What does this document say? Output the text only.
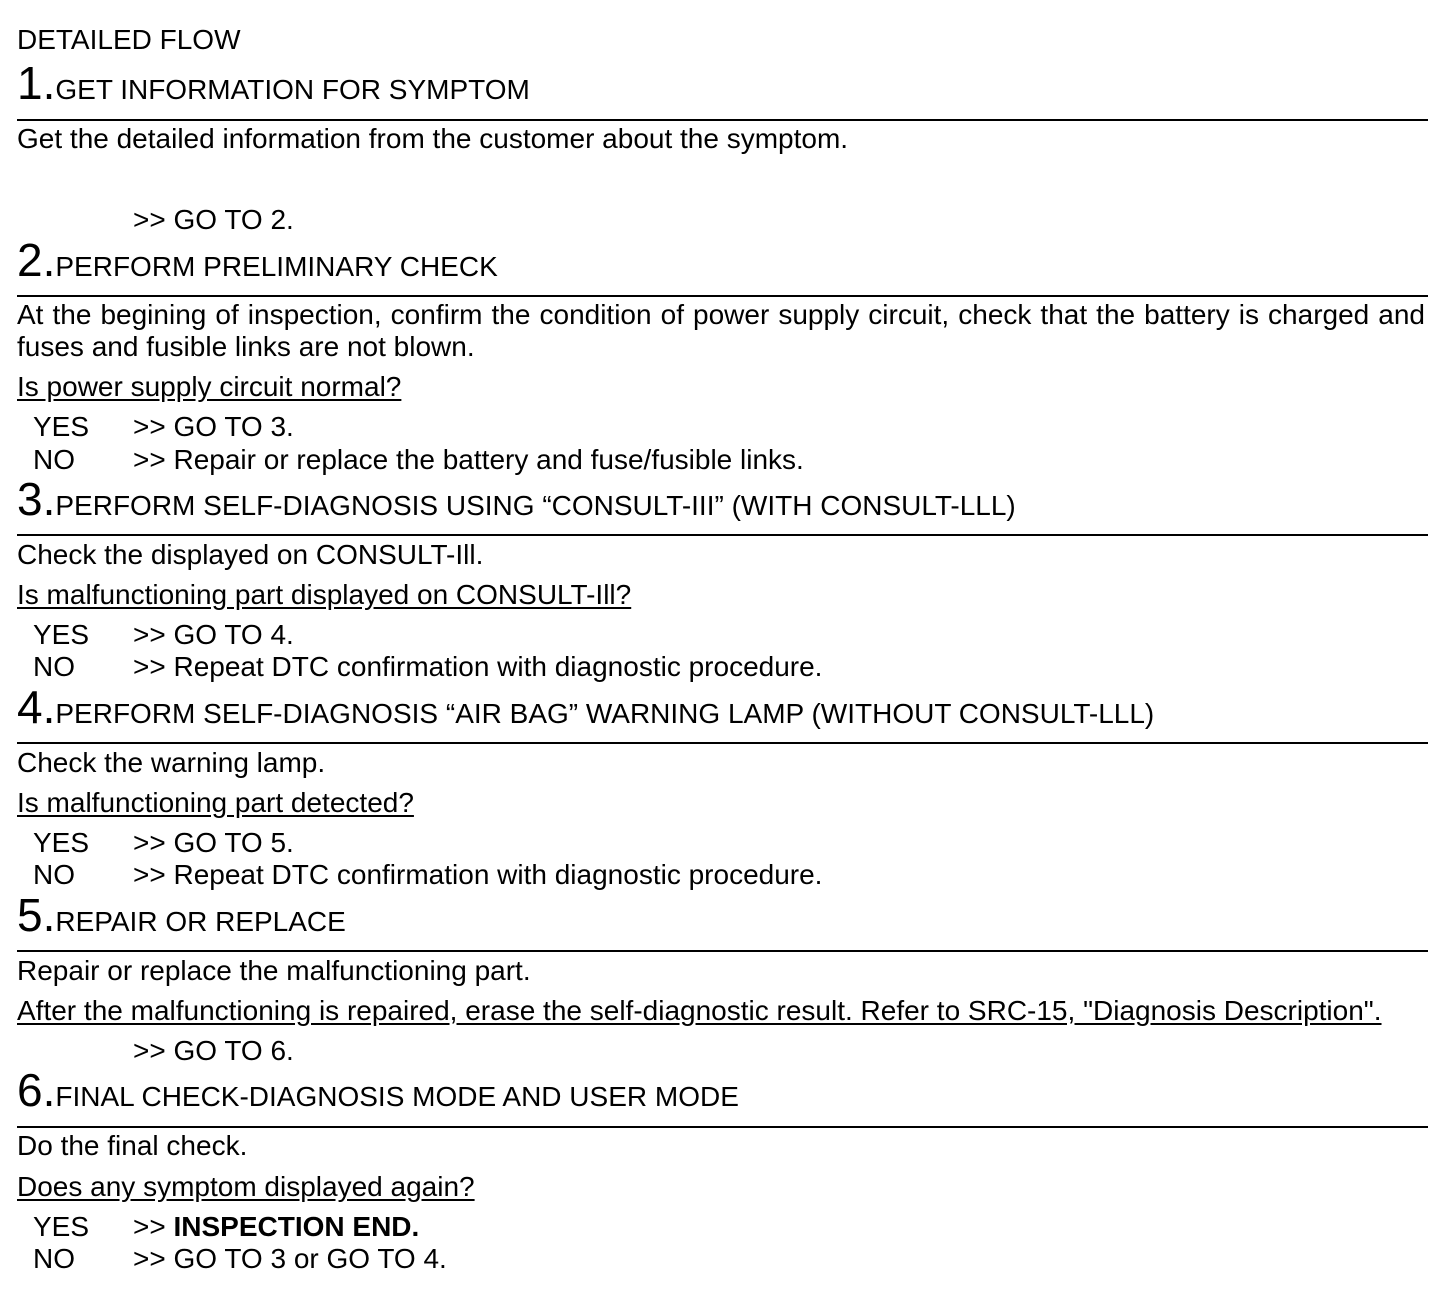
DETAILED FLOW
1.GET INFORMATION FOR SYMPTOM
Get the detailed information from the customer about the symptom.
>> GO TO 2.
2.PERFORM PRELIMINARY CHECK
At the begining of inspection, confirm the condition of power supply circuit, check that the battery is charged and fuses and fusible links are not blown.
Is power supply circuit normal?
YES >> GO TO 3.
NO >> Repair or replace the battery and fuse/fusible links.
3.PERFORM SELF-DIAGNOSIS USING “CONSULT-III” (WITH CONSULT-LLL)
Check the displayed on CONSULT-Ill.
Is malfunctioning part displayed on CONSULT-Ill?
YES >> GO TO 4.
NO >> Repeat DTC confirmation with diagnostic procedure.
4.PERFORM SELF-DIAGNOSIS “AIR BAG” WARNING LAMP (WITHOUT CONSULT-LLL)
Check the warning lamp.
Is malfunctioning part detected?
YES >> GO TO 5.
NO >> Repeat DTC confirmation with diagnostic procedure.
5.REPAIR OR REPLACE
Repair or replace the malfunctioning part.
After the malfunctioning is repaired, erase the self-diagnostic result. Refer to SRC-15, "Diagnosis Description".
>> GO TO 6.
6.FINAL CHECK-DIAGNOSIS MODE AND USER MODE
Do the final check.
Does any symptom displayed again?
YES >> INSPECTION END.
NO >> GO TO 3 or GO TO 4.
